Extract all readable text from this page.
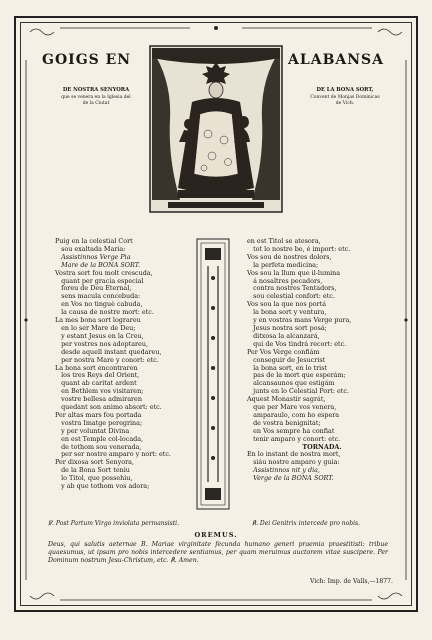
GOIGS EN	ALABANSA
DE NOSTRA SENYORA	DE LA BONA SORT,
que se venera en la Iglesia del
de la Ciutat
Convent de Monjas Dominicas
de Vich.
Puig en la celestial Cort
sou exaltada Maria:
Assistinnos Verge Pia
Mare de la BONA SORT.
Vostra sort fou molt crescuda,
quant per gracia especial
foreu de Deu Eternal,
sens macula concebuda:
en Vos no tinguè cabuda,
la causa de nostre mort: etc.
La mes bona sort lograreu
en lo ser Mare de Deu;
y estant Jesus en la Creu,
per vostres nos adoptareu,
desde aquell instant quedareu,
per nostra Mare y conort: etc.
La bona sort encontraren
los tres Reys del Orient,
quant ab caritat ardent
en Bethlem vos visitaren;
vostre bellesa admiraren
quedant son animo absort: etc.
Per altas mars fou portada
vostra Imatge peregrina;
y per voluntat Divina
en est Temple col-locada,
de tothom sou venerada,
per ser nostre amparo y nort: etc.
Per dixosa sort Senyora,
de la Bona Sort teniu
lo Titol, que possehiu,
y ab que tothom vos adora;
en est Titol se atesora,
tot lo nostre be, é import: etc.
Vos sou de nostres dolors,
la perfeta medicina;
Vos sou la llum que il-lumina
á nosaltres pecadors,
contra nostres Tentadors,
sou celestial confort: etc.
Vos sou la que nos portá
la bona sort y ventura,
y en vostras mans Verge pura,
Jesus nostra sort posá;
ditxosa la alcanzará,
qui de Vos tindrá recort: etc.
Per Vos Verge confiám
conseguir de Jesucrist
la bona sort, en lo trist
pas de la mort que esperám;
alcansaunos que estigám
junts en lo Celestial Port: etc.
Aquest Monastir sagrát,
que per Mare vos venera,
amparaulo, com ho espera
de vostra benignitat;
en Vos sempre ha confiat
tenir amparo y conort: etc.
TORNADA.
En lo instant de nostra mort,
siáu nostre amparo y guia:
Assistinnos nit y dia,
Verge de la BONA SORT.
℣. Post Partum Virgo inviolata permansisti.	℟. Dei Genitrix intercede pro nobis.
OREMUS.
Deus, qui salutis aeternae B. Mariae virginitate fecunda humano generi praemia praestitisti: tribue quaesumus, ut ipsam pro nobis intercedere sentiamus, per quam meruimus auctorem vitae suscipere. Per Dominum nostrum Jesu-Christum, etc. ℟. Amen.
Vich: Imp. de Valls,—1877.
